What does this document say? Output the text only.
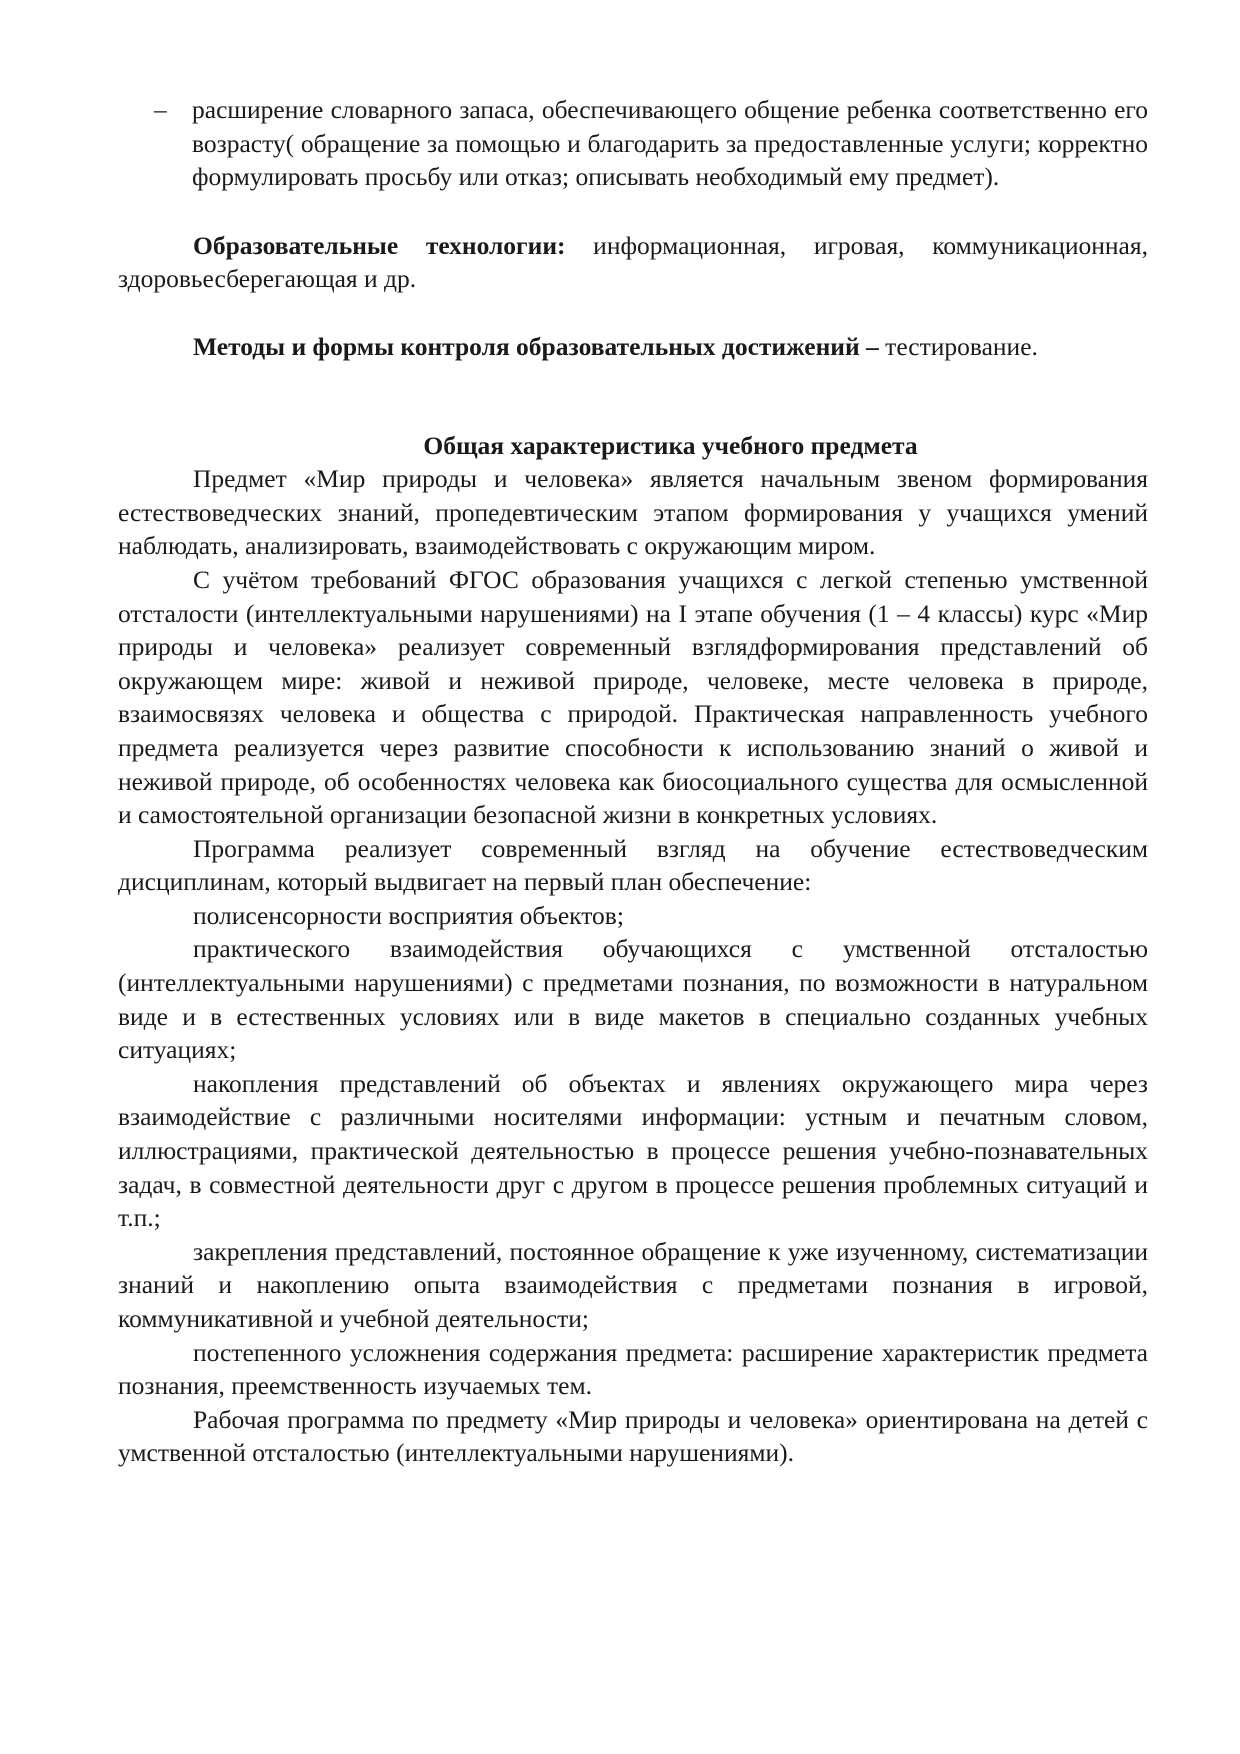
– расширение словарного запаса, обеспечивающего общение ребенка соответственно его возрасту( обращение за помощью и благодарить за предоставленные услуги; корректно формулировать просьбу или отказ; описывать необходимый ему предмет).

Образовательные технологии: информационная, игровая, коммуникационная, здоровьесберегающая и др.

Методы и формы контроля образовательных достижений – тестирование.

Общая характеристика учебного предмета

Предмет «Мир природы и человека» является начальным звеном формирования естествоведческих знаний, пропедевтическим этапом формирования у учащихся умений наблюдать, анализировать, взаимодействовать с окружающим миром.

С учётом требований ФГОС образования учащихся с легкой степенью умственной отсталости (интеллектуальными нарушениями) на I этапе обучения (1 – 4 классы) курс «Мир природы и человека» реализует современный взглядформирования представлений об окружающем мире: живой и неживой природе, человеке, месте человека в природе, взаимосвязях человека и общества с природой. Практическая направленность учебного предмета реализуется через развитие способности к использованию знаний о живой и неживой природе, об особенностях человека как биосоциального существа для осмысленной и самостоятельной организации безопасной жизни в конкретных условиях.

Программа реализует современный взгляд на обучение естествоведческим дисциплинам, который выдвигает на первый план обеспечение:

полисенсорности восприятия объектов;

практического взаимодействия обучающихся с умственной отсталостью (интеллектуальными нарушениями) с предметами познания, по возможности в натуральном виде и в естественных условиях или в виде макетов в специально созданных учебных ситуациях;

накопления представлений об объектах и явлениях окружающего мира через взаимодействие с различными носителями информации: устным и печатным словом, иллюстрациями, практической деятельностью в процессе решения учебно-познавательных задач, в совместной деятельности друг с другом в процессе решения проблемных ситуаций и т.п.;

закрепления представлений, постоянное обращение к уже изученному, систематизации знаний и накоплению опыта взаимодействия с предметами познания в игровой, коммуникативной и учебной деятельности;

постепенного усложнения содержания предмета: расширение характеристик предмета познания, преемственность изучаемых тем.

Рабочая программа по предмету «Мир природы и человека» ориентирована на детей с умственной отсталостью (интеллектуальными нарушениями).
